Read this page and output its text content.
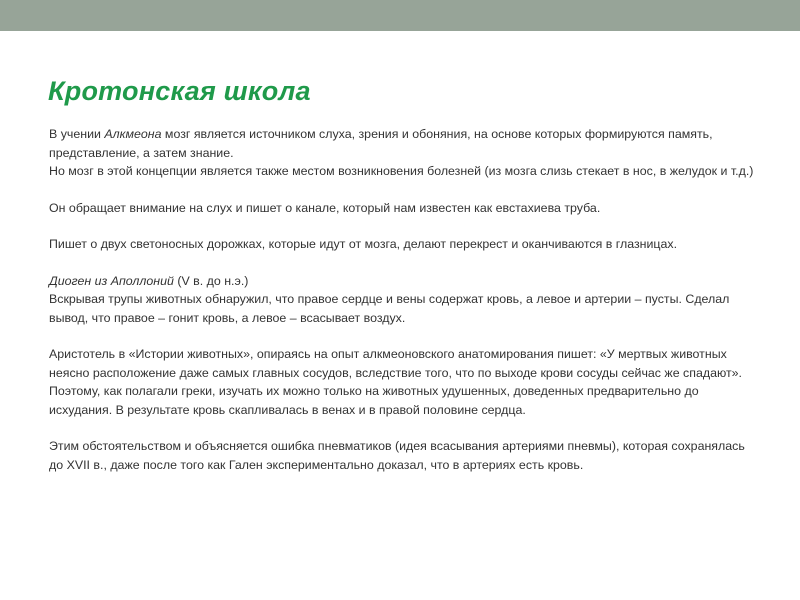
Кротонская школа

В учении Алкмеона мозг является источником слуха, зрения и обоняния, на основе которых формируются память, представление, а затем знание.

Но мозг в этой концепции является также местом возникновения болезней (из мозга слизь стекает в нос, в желудок и т.д.)

Он обращает внимание на слух и пишет о канале, который нам известен как евстахиева труба.

Пишет о двух светоносных дорожках, которые идут от мозга, делают перекрест и оканчиваются в глазницах.

Диоген из Аполлоний (V в. до н.э.)

Вскрывая трупы животных обнаружил, что правое сердце и вены содержат кровь, а левое и артерии – пусты. Сделал вывод, что правое – гонит кровь, а левое – всасывает воздух.

Аристотель в «Истории животных», опираясь на опыт алкмеоновского анатомирования пишет: «У мертвых животных неясно расположение даже самых главных сосудов, вследствие того, что по выходе крови сосуды сейчас же спадают». Поэтому, как полагали греки, изучать их можно только на животных удушенных, доведенных предварительно до исхудания. В результате кровь скапливалась в венах и в правой половине сердца.

Этим обстоятельством и объясняется ошибка пневматиков (идея всасывания артериями пневмы), которая сохранялась до XVII в., даже после того как Гален экспериментально доказал, что в артериях есть кровь.
